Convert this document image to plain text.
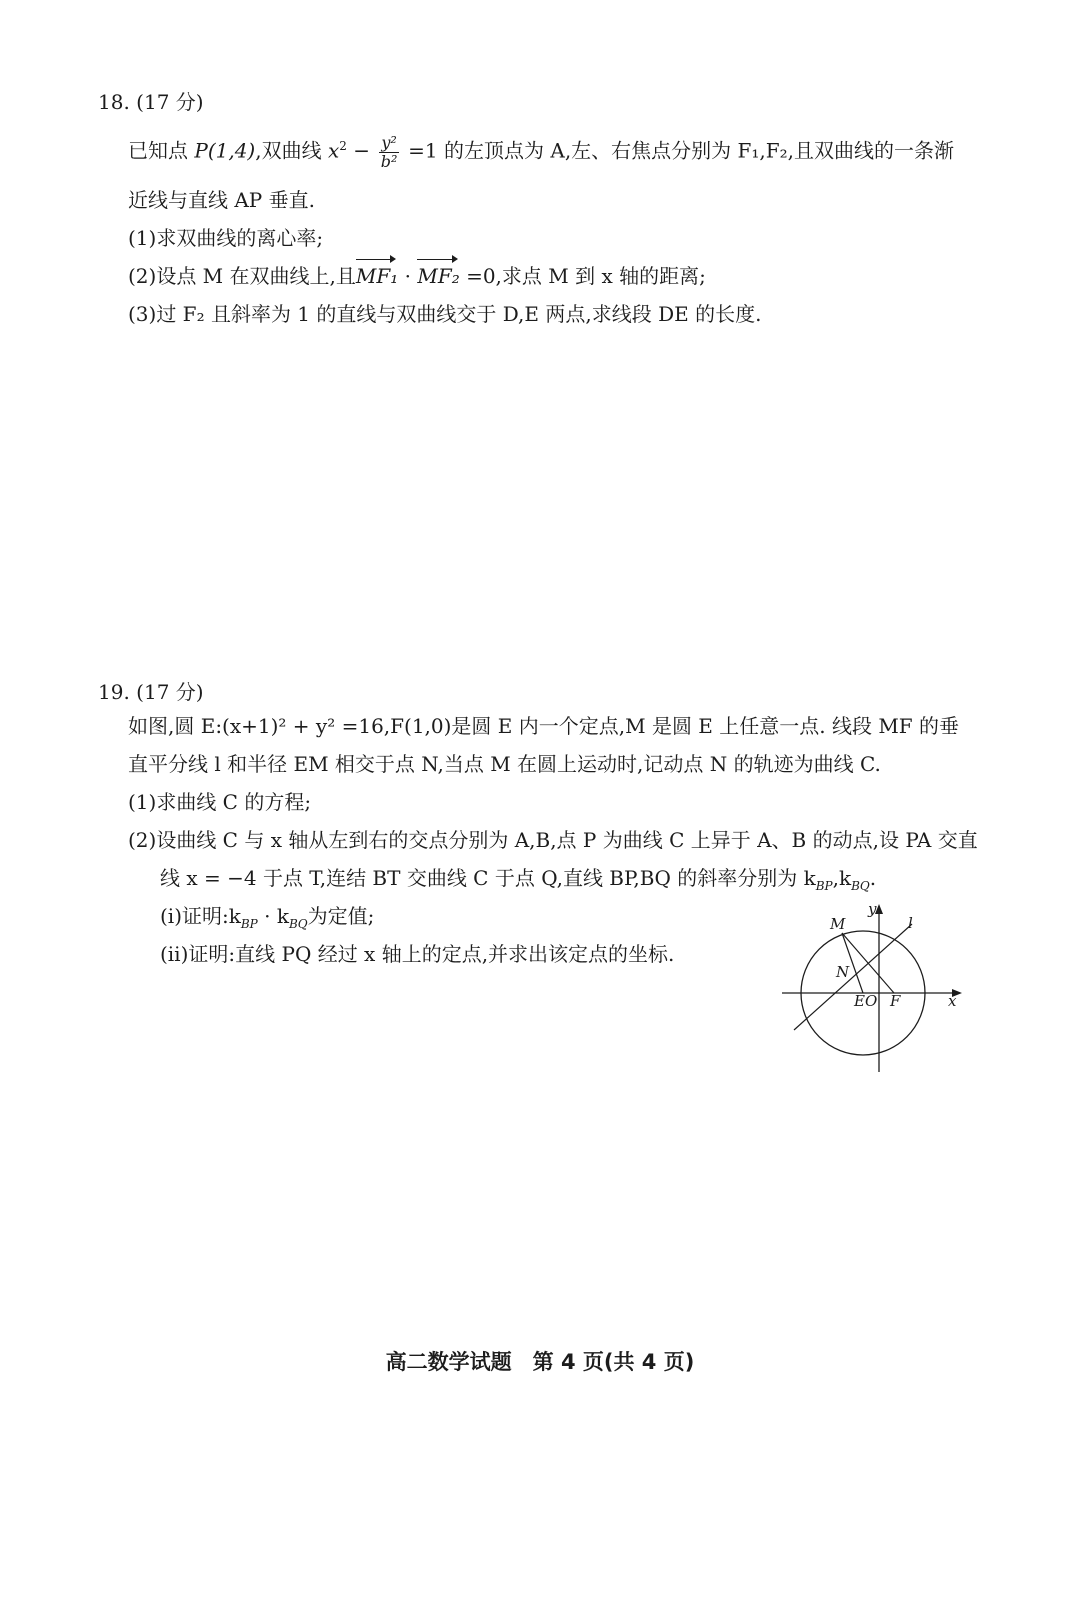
18. (17 分)
已知点 P(1,4),双曲线 $x^2 - \frac{\text{y²}}{\text{b²}} =1$ 的左顶点为 A,左、右焦点分别为 F₁,F₂,且双曲线的一条渐
近线与直线 AP 垂直.
(1)求双曲线的离心率;
(2)设点 M 在双曲线上,且MF₁ · MF₂ =0,求点 M 到 x 轴的距离;
(3)过 F₂ 且斜率为 1 的直线与双曲线交于 D,E 两点,求线段 DE 的长度.
19. (17 分)
如图,圆 E:(x+1)² + y² =16,F(1,0)是圆 E 内一个定点,M 是圆 E 上任意一点. 线段 MF 的垂
直平分线 l 和半径 EM 相交于点 N,当点 M 在圆上运动时,记动点 N 的轨迹为曲线 C.
(1)求曲线 C 的方程;
(2)设曲线 C 与 x 轴从左到右的交点分别为 A,B,点 P 为曲线 C 上异于 A、B 的动点,设 PA 交直
线 x = −4 于点 T,连结 BT 交曲线 C 于点 Q,直线 BP,BQ 的斜率分别为 $k_{BP},k_{BQ}$.
(ⅰ)证明$:k_{BP} \cdot k_{BQ}$为定值;
(ⅱ)证明:直线 PQ 经过 x 轴上的定点,并求出该定点的坐标.
M	l
N
EO F	x
y
高二数学试题　第 4 页(共 4 页)
